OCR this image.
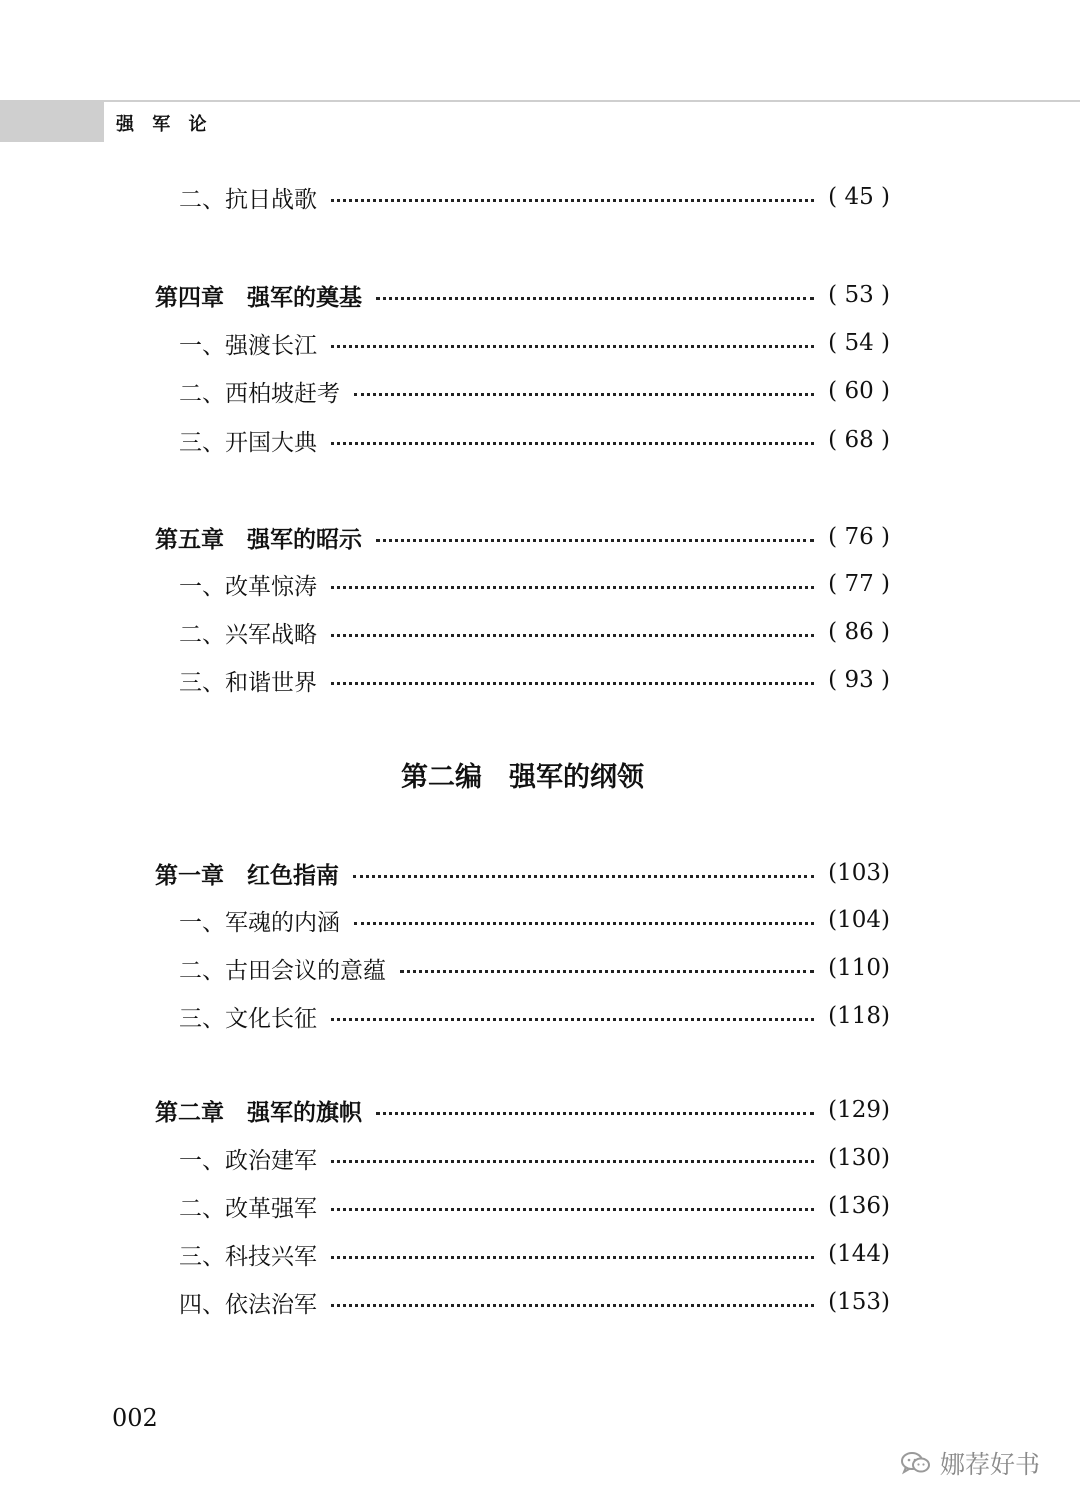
强 军 论
二、抗日战歌	( 45 )
第四章　强军的奠基	( 53 )
一、强渡长江	( 54 )
二、西柏坡赶考	( 60 )
三、开国大典	( 68 )
第五章　强军的昭示	( 76 )
一、改革惊涛	( 77 )
二、兴军战略	( 86 )
三、和谐世界	( 93 )
第二编　强军的纲领
第一章　红色指南	(103)
一、军魂的内涵	(104)
二、古田会议的意蕴	(110)
三、文化长征	(118)
第二章　强军的旗帜	(129)
一、政治建军	(130)
二、改革强军	(136)
三、科技兴军	(144)
四、依法治军	(153)
002
娜荐好书
